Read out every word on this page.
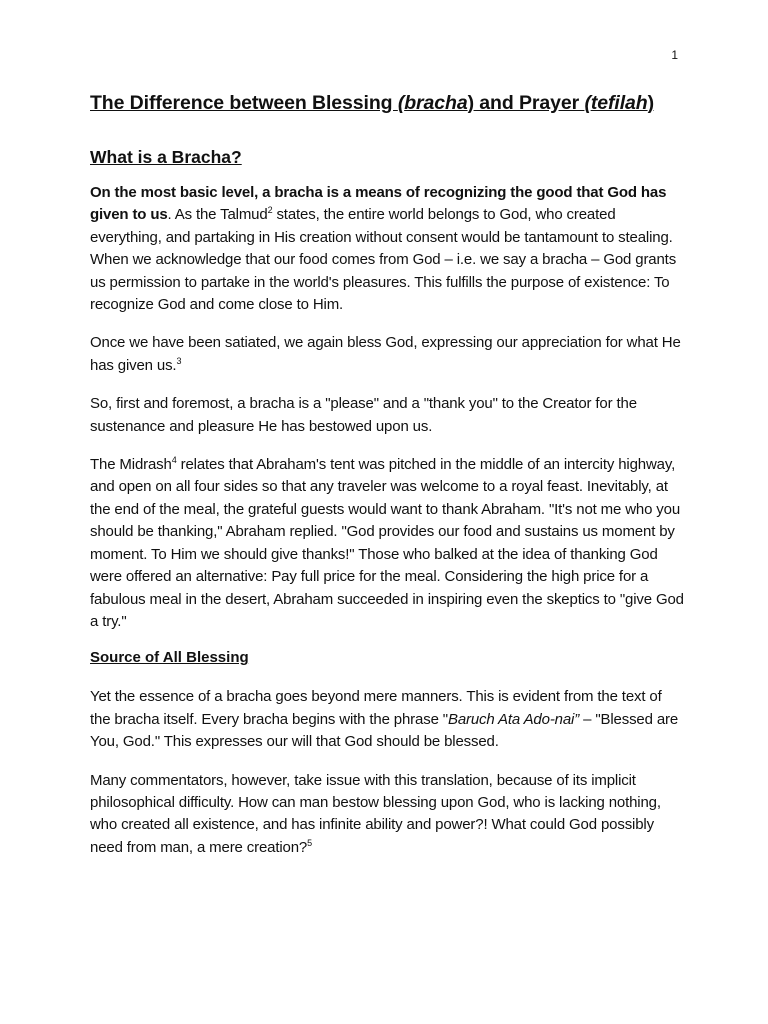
1
The Difference between Blessing (bracha) and Prayer (tefilah)
What is a Bracha?

On the most basic level, a bracha is a means of recognizing the good that God has given to us. As the Talmud$^2$ states, the entire world belongs to God, who created everything, and partaking in His creation without consent would be tantamount to stealing. When we acknowledge that our food comes from God – i.e. we say a bracha – God grants us permission to partake in the world's pleasures. This fulfills the purpose of existence: To recognize God and come close to Him.

Once we have been satiated, we again bless God, expressing our appreciation for what He has given us.$^3$

So, first and foremost, a bracha is a "please" and a "thank you" to the Creator for the sustenance and pleasure He has bestowed upon us.

The Midrash$^4$ relates that Abraham's tent was pitched in the middle of an intercity highway, and open on all four sides so that any traveler was welcome to a royal feast. Inevitably, at the end of the meal, the grateful guests would want to thank Abraham. "It's not me who you should be thanking," Abraham replied. "God provides our food and sustains us moment by moment. To Him we should give thanks!" Those who balked at the idea of thanking God were offered an alternative: Pay full price for the meal. Considering the high price for a fabulous meal in the desert, Abraham succeeded in inspiring even the skeptics to "give God a try."

Source of All Blessing

Yet the essence of a bracha goes beyond mere manners. This is evident from the text of the bracha itself. Every bracha begins with the phrase "Baruch Ata Ado-nai” – "Blessed are You, God." This expresses our will that God should be blessed.

Many commentators, however, take issue with this translation, because of its implicit philosophical difficulty. How can man bestow blessing upon God, who is lacking nothing, who created all existence, and has infinite ability and power?! What could God possibly need from man, a mere creation?$^5$
